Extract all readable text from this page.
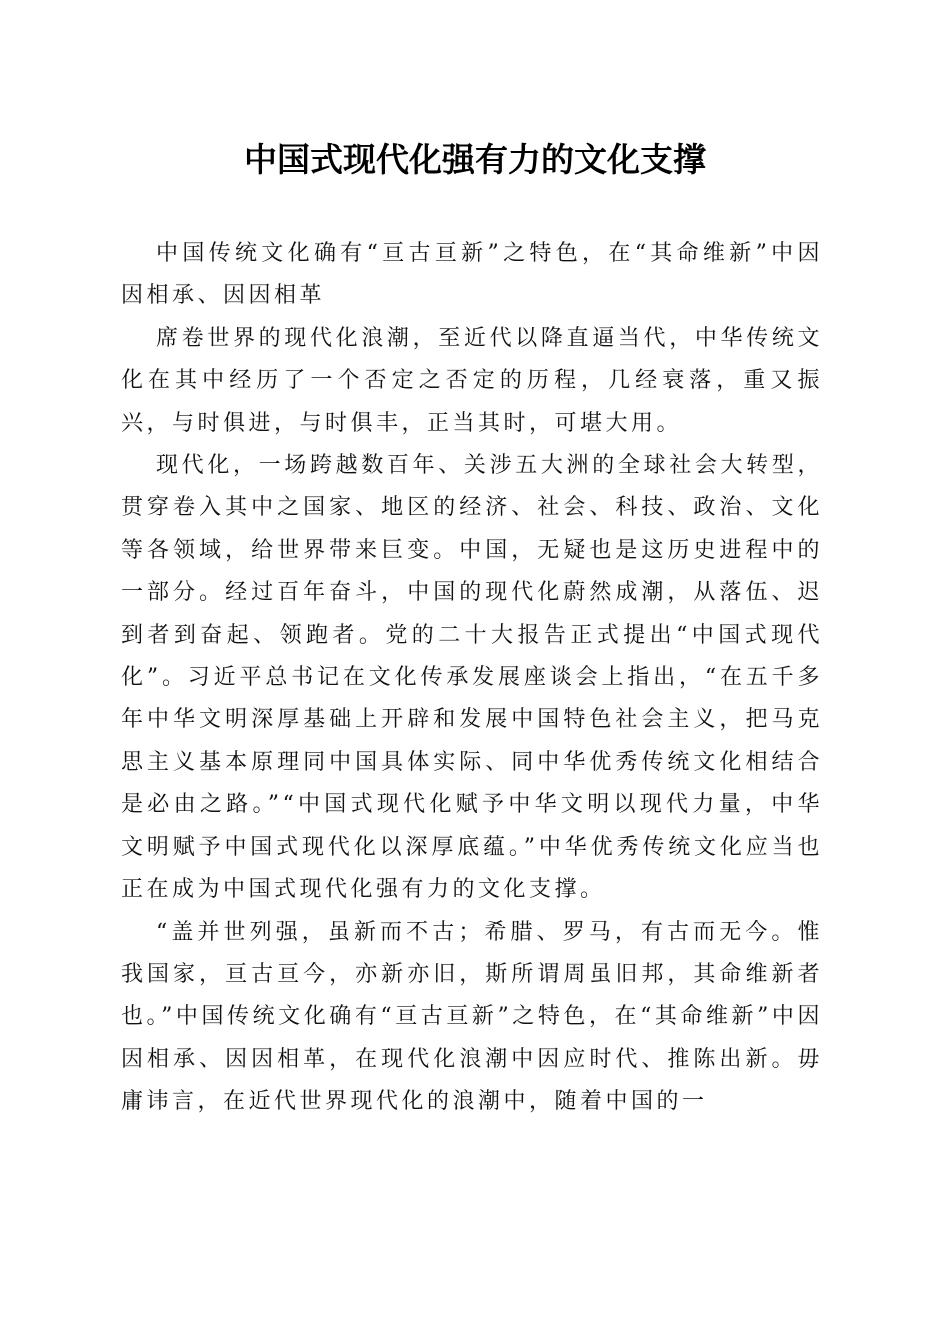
中国式现代化强有力的文化支撑

中国传统文化确有“亘古亘新”之特色，在“其命维新”中因因相承、因因相革

席卷世界的现代化浪潮，至近代以降直逼当代，中华传统文化在其中经历了一个否定之否定的历程，几经衰落，重又振兴，与时俱进，与时俱丰，正当其时，可堪大用。

现代化，一场跨越数百年、关涉五大洲的全球社会大转型，贯穿卷入其中之国家、地区的经济、社会、科技、政治、文化等各领域，给世界带来巨变。中国，无疑也是这历史进程中的一部分。经过百年奋斗，中国的现代化蔚然成潮，从落伍、迟到者到奋起、领跑者。党的二十大报告正式提出“中国式现代化”。习近平总书记在文化传承发展座谈会上指出，“在五千多年中华文明深厚基础上开辟和发展中国特色社会主义，把马克思主义基本原理同中国具体实际、同中华优秀传统文化相结合是必由之路。”“中国式现代化赋予中华文明以现代力量，中华文明赋予中国式现代化以深厚底蕴。”中华优秀传统文化应当也正在成为中国式现代化强有力的文化支撑。

“盖并世列强，虽新而不古；希腊、罗马，有古而无今。惟我国家，亘古亘今，亦新亦旧，斯所谓周虽旧邦，其命维新者也。”中国传统文化确有“亘古亘新”之特色，在“其命维新”中因因相承、因因相革，在现代化浪潮中因应时代、推陈出新。毋庸讳言，在近代世界现代化的浪潮中，随着中国的一
